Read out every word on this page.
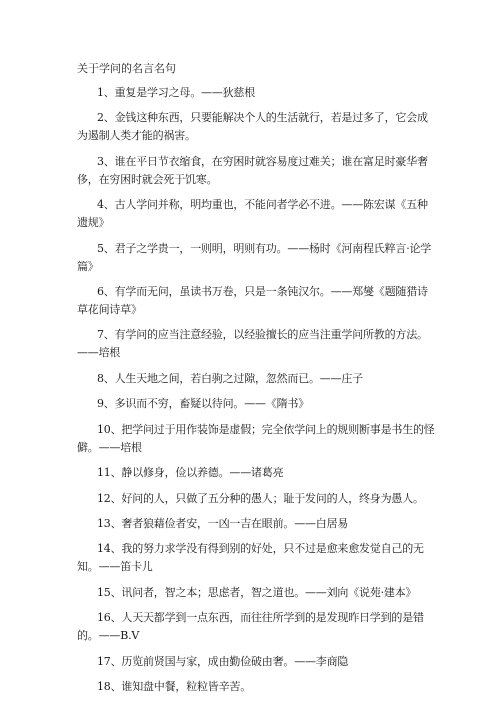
关于学问的名言名句

1、重复是学习之母。——狄慈根

2、金钱这种东西，只要能解决个人的生活就行，若是过多了，它会成为遏制人类才能的祸害。

3、谁在平日节衣缩食，在穷困时就容易度过难关；谁在富足时豪华奢侈，在穷困时就会死于饥寒。

4、古人学问并称，明均重也，不能问者学必不进。——陈宏谋《五种遗规》

5、君子之学贵一，一则明，明则有功。——杨时《河南程氏粹言·论学篇》

6、有学而无问，虽读书万卷，只是一条钝汉尔。——郑燮《题随猎诗草花间诗草》

7、有学问的应当注意经验，以经验擅长的应当注重学问所教的方法。——培根

8、人生天地之间，若白驹之过隙，忽然而已。——庄子

9、多识而不穷，畜疑以待问。——《隋书》

10、把学问过于用作装饰是虚假；完全依学问上的规则断事是书生的怪僻。——培根

11、静以修身，俭以养德。——诸葛亮

12、好问的人，只做了五分种的愚人；耻于发问的人，终身为愚人。

13、奢者狼藉俭者安，一凶一吉在眼前。——白居易

14、我的努力求学没有得到别的好处，只不过是愈来愈发觉自己的无知。——笛卡儿

15、讯问者，智之本；思虑者，智之道也。——刘向《说苑·建本》

16、人天天都学到一点东西，而往往所学到的是发现昨日学到的是错的。——B.V

17、历览前贤国与家，成由勤俭破由奢。——李商隐

18、谁知盘中餐，粒粒皆辛苦。
